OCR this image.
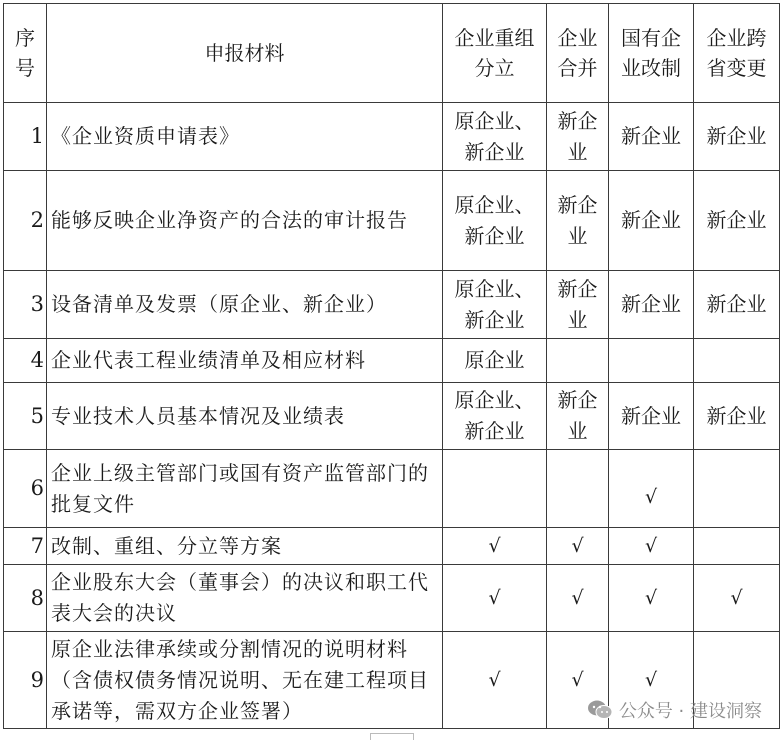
序号	申报材料	企业重组分立	企业合并	国有企业改制	企业跨省变更
1	《企业资质申请表》	原企业、新企业	新企业	新企业	新企业
2	能够反映企业净资产的合法的审计报告	原企业、新企业	新企业	新企业	新企业
3	设备清单及发票（原企业、新企业）	原企业、新企业	新企业	新企业	新企业
4	企业代表工程业绩清单及相应材料	原企业			
5	专业技术人员基本情况及业绩表	原企业、新企业	新企业	新企业	新企业
6	企业上级主管部门或国有资产监管部门的批复文件			√	
7	改制、重组、分立等方案	√	√	√	
8	企业股东大会（董事会）的决议和职工代表大会的决议	√	√	√	√
9	原企业法律承续或分割情况的说明材料（含债权债务情况说明、无在建工程项目承诺等，需双方企业签署）	√	√	√	
公众号 · 建设洞察
